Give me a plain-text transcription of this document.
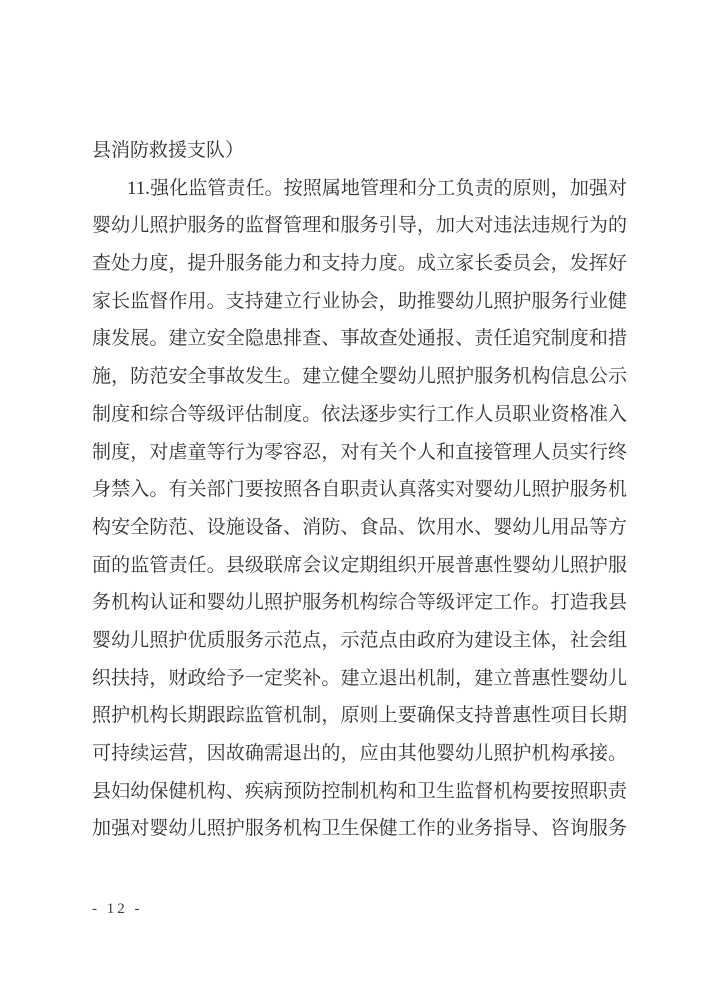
县消防救援支队）
11.强化监管责任。按照属地管理和分工负责的原则，加强对
婴幼儿照护服务的监督管理和服务引导，加大对违法违规行为的
查处力度，提升服务能力和支持力度。成立家长委员会，发挥好
家长监督作用。支持建立行业协会，助推婴幼儿照护服务行业健
康发展。建立安全隐患排查、事故查处通报、责任追究制度和措
施，防范安全事故发生。建立健全婴幼儿照护服务机构信息公示
制度和综合等级评估制度。依法逐步实行工作人员职业资格准入
制度，对虐童等行为零容忍，对有关个人和直接管理人员实行终
身禁入。有关部门要按照各自职责认真落实对婴幼儿照护服务机
构安全防范、设施设备、消防、食品、饮用水、婴幼儿用品等方
面的监管责任。县级联席会议定期组织开展普惠性婴幼儿照护服
务机构认证和婴幼儿照护服务机构综合等级评定工作。打造我县
婴幼儿照护优质服务示范点，示范点由政府为建设主体，社会组
织扶持，财政给予一定奖补。建立退出机制，建立普惠性婴幼儿
照护机构长期跟踪监管机制，原则上要确保支持普惠性项目长期
可持续运营，因故确需退出的，应由其他婴幼儿照护机构承接。
县妇幼保健机构、疾病预防控制机构和卫生监督机构要按照职责
加强对婴幼儿照护服务机构卫生保健工作的业务指导、咨询服务
- 12 -
